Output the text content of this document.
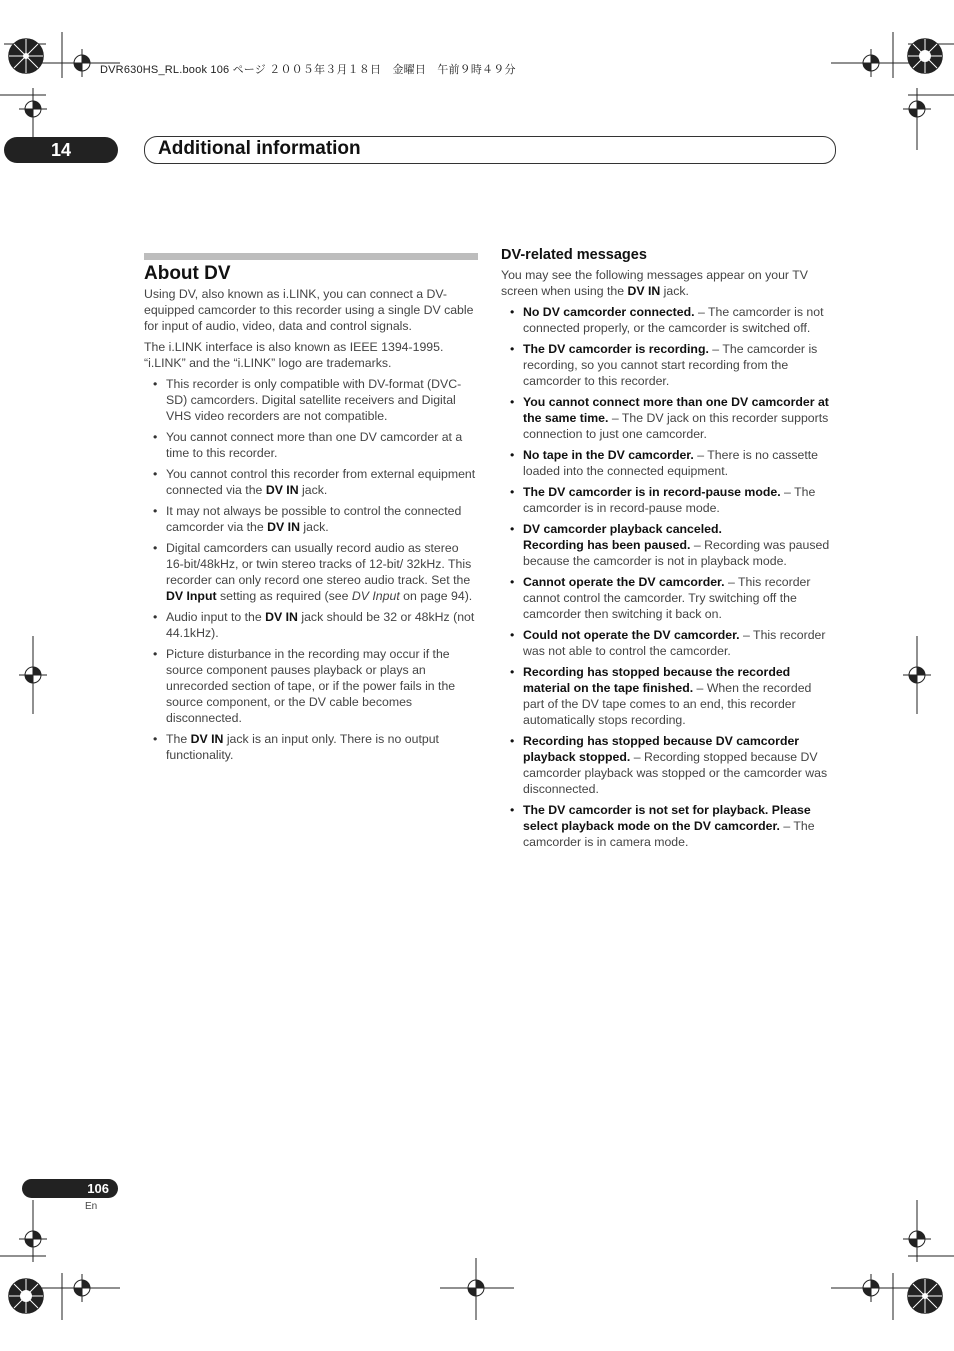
DVR630HS_RL.book 106 ページ ２００５年３月１８日　金曜日　午前９時４９分
14	Additional information
About DV

Using DV, also known as i.LINK, you can connect a DV-equipped camcorder to this recorder using a single DV cable for input of audio, video, data and control signals.

The i.LINK interface is also known as IEEE 1394-1995. “i.LINK” and the “i.LINK” logo are trademarks.

• This recorder is only compatible with DV-format (DVC-SD) camcorders. Digital satellite receivers and Digital VHS video recorders are not compatible.
• You cannot connect more than one DV camcorder at a time to this recorder.
• You cannot control this recorder from external equipment connected via the DV IN jack.
• It may not always be possible to control the connected camcorder via the DV IN jack.
• Digital camcorders can usually record audio as stereo 16-bit/48kHz, or twin stereo tracks of 12-bit/ 32kHz. This recorder can only record one stereo audio track. Set the DV Input setting as required (see DV Input on page 94).
• Audio input to the DV IN jack should be 32 or 48kHz (not 44.1kHz).
• Picture disturbance in the recording may occur if the source component pauses playback or plays an unrecorded section of tape, or if the power fails in the source component, or the DV cable becomes disconnected.
• The DV IN jack is an input only. There is no output functionality.
DV-related messages

You may see the following messages appear on your TV screen when using the DV IN jack.

• No DV camcorder connected. – The camcorder is not connected properly, or the camcorder is switched off.
• The DV camcorder is recording. – The camcorder is recording, so you cannot start recording from the camcorder to this recorder.
• You cannot connect more than one DV camcorder at the same time. – The DV jack on this recorder supports connection to just one camcorder.
• No tape in the DV camcorder. – There is no cassette loaded into the connected equipment.
• The DV camcorder is in record-pause mode. – The camcorder is in record-pause mode.
• DV camcorder playback canceled.
Recording has been paused. – Recording was paused because the camcorder is not in playback mode.
• Cannot operate the DV camcorder. – This recorder cannot control the camcorder. Try switching off the camcorder then switching it back on.
• Could not operate the DV camcorder. – This recorder was not able to control the camcorder.
• Recording has stopped because the recorded material on the tape finished. – When the recorded part of the DV tape comes to an end, this recorder automatically stops recording.
• Recording has stopped because DV camcorder playback stopped. – Recording stopped because DV camcorder playback was stopped or the camcorder was disconnected.
• The DV camcorder is not set for playback. Please select playback mode on the DV camcorder. – The camcorder is in camera mode.
106
En
